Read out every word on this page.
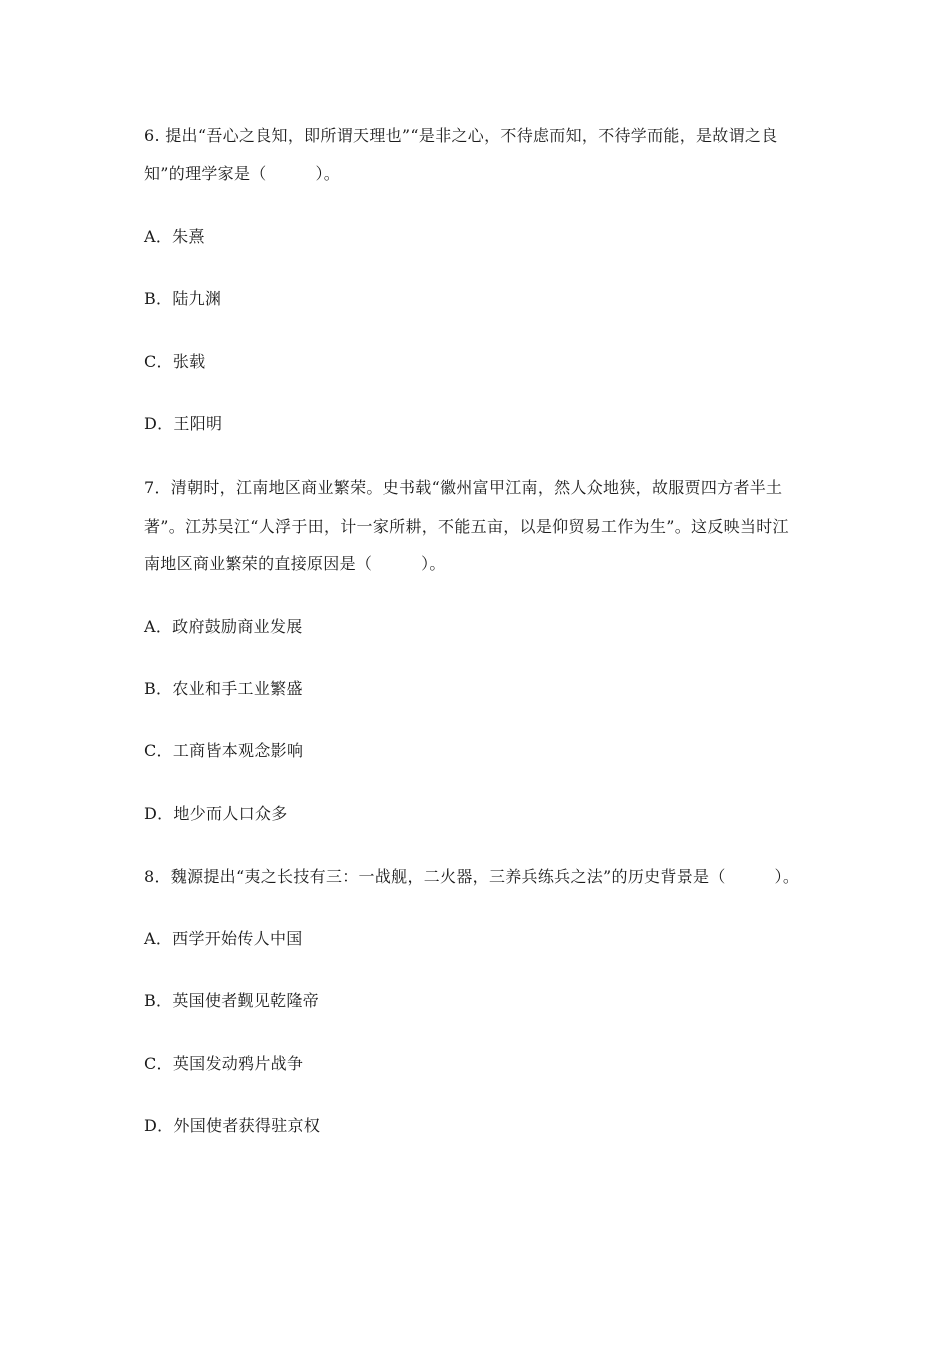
6. 提出“吾心之良知，即所谓天理也”“是非之心，不待虑而知，不待学而能，是故谓之良
知”的理学家是（　　　）。
A．朱熹
B．陆九渊
C．张载
D．王阳明
7．清朝时，江南地区商业繁荣。史书载“徽州富甲江南，然人众地狭，故服贾四方者半土
著”。江苏吴江“人浮于田，计一家所耕，不能五亩，以是仰贸易工作为生”。这反映当时江
南地区商业繁荣的直接原因是（　　　）。
A．政府鼓励商业发展
B．农业和手工业繁盛
C．工商皆本观念影响
D．地少而人口众多
8．魏源提出“夷之长技有三：一战舰，二火器，三养兵练兵之法”的历史背景是（　　　）。
A．西学开始传人中国
B．英国使者觐见乾隆帝
C．英国发动鸦片战争
D．外国使者获得驻京权
